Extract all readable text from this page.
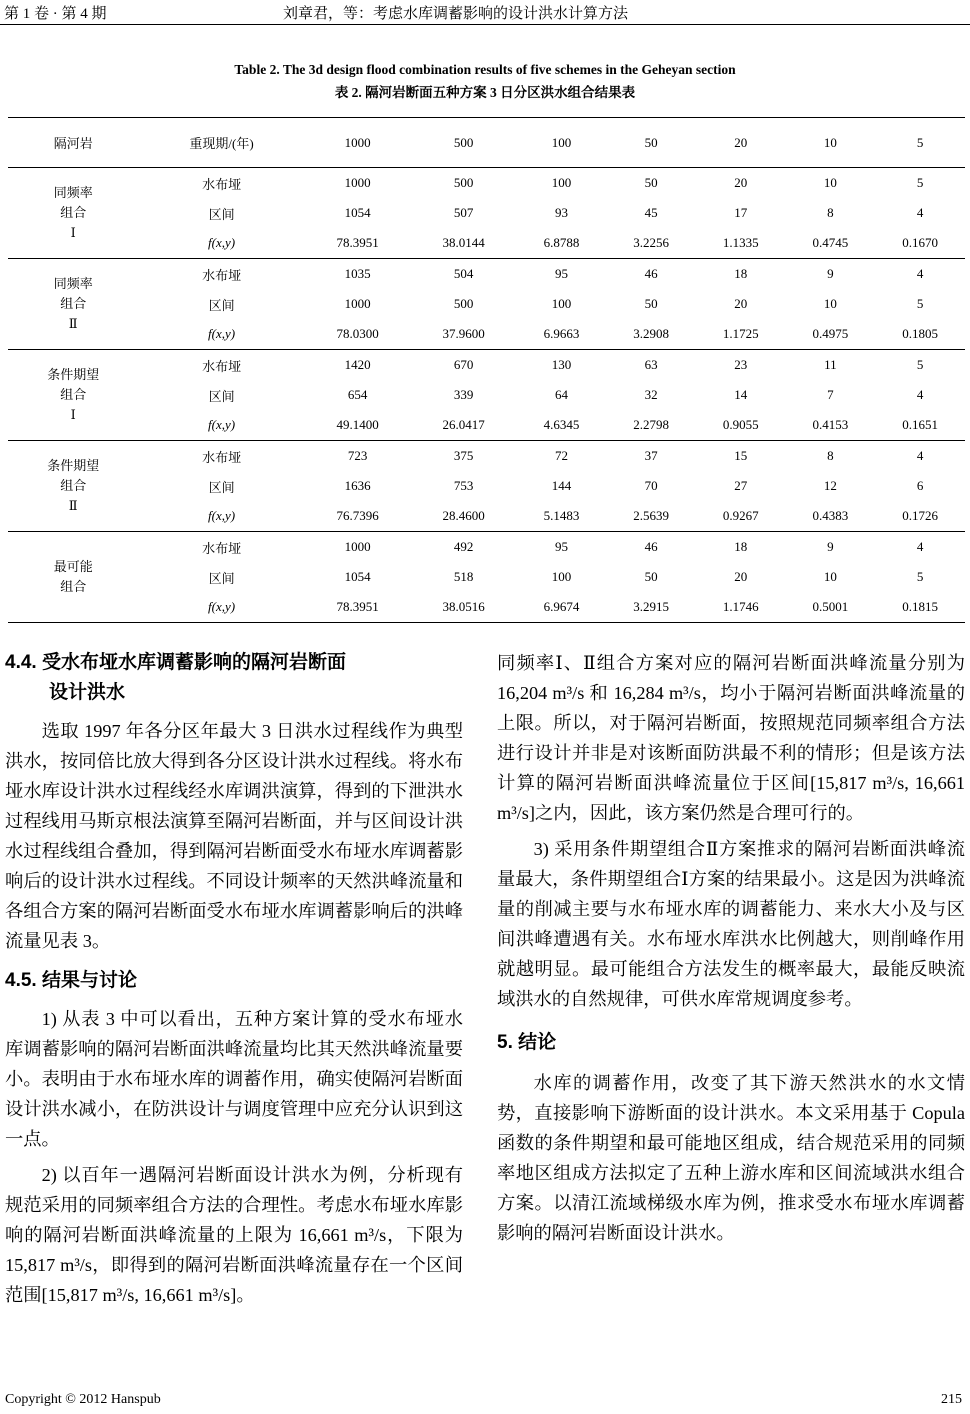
第 1 卷 · 第 4 期	刘章君，等：考虑水库调蓄影响的设计洪水计算方法
Table 2. The 3d design flood combination results of five schemes in the Geheyan section
表 2. 隔河岩断面五种方案 3 日分区洪水组合结果表
隔河岩	重现期/(年)	1000	500	100	50	20	10	5

同频率
组合
Ⅰ	水布垭	1000	500	100	50	20	10	5
	区间	1054	507	93	45	17	8	4
	f(x,y)	78.3951	38.0144	6.8788	3.2256	1.1335	0.4745	0.1670

同频率
组合
Ⅱ	水布垭	1035	504	95	46	18	9	4
	区间	1000	500	100	50	20	10	5
	f(x,y)	78.0300	37.9600	6.9663	3.2908	1.1725	0.4975	0.1805

条件期望
组合
Ⅰ	水布垭	1420	670	130	63	23	11	5
	区间	654	339	64	32	14	7	4
	f(x,y)	49.1400	26.0417	4.6345	2.2798	0.9055	0.4153	0.1651

条件期望
组合
Ⅱ	水布垭	723	375	72	37	15	8	4
	区间	1636	753	144	70	27	12	6
	f(x,y)	76.7396	28.4600	5.1483	2.5639	0.9267	0.4383	0.1726

最可能
组合	水布垭	1000	492	95	46	18	9	4
	区间	1054	518	100	50	20	10	5
	f(x,y)	78.3951	38.0516	6.9674	3.2915	1.1746	0.5001	0.1815
4.4. 受水布垭水库调蓄影响的隔河岩断面
设计洪水

选取 1997 年各分区年最大 3 日洪水过程线作为典型洪水，按同倍比放大得到各分区设计洪水过程线。将水布垭水库设计洪水过程线经水库调洪演算，得到的下泄洪水过程线用马斯京根法演算至隔河岩断面，并与区间设计洪水过程线组合叠加，得到隔河岩断面受水布垭水库调蓄影响后的设计洪水过程线。不同设计频率的天然洪峰流量和各组合方案的隔河岩断面受水布垭水库调蓄影响后的洪峰流量见表 3。

4.5. 结果与讨论

1) 从表 3 中可以看出，五种方案计算的受水布垭水库调蓄影响的隔河岩断面洪峰流量均比其天然洪峰流量要小。表明由于水布垭水库的调蓄作用，确实使隔河岩断面设计洪水减小，在防洪设计与调度管理中应充分认识到这一点。

2) 以百年一遇隔河岩断面设计洪水为例，分析现有规范采用的同频率组合方法的合理性。考虑水布垭水库影响的隔河岩断面洪峰流量的上限为 16,661 m³/s，下限为 15,817 m³/s，即得到的隔河岩断面洪峰流量存在一个区间范围[15,817 m³/s, 16,661 m³/s]。

同频率Ⅰ、Ⅱ组合方案对应的隔河岩断面洪峰流量分别为 16,204 m³/s 和 16,284 m³/s，均小于隔河岩断面洪峰流量的上限。所以，对于隔河岩断面，按照规范同频率组合方法进行设计并非是对该断面防洪最不利的情形；但是该方法计算的隔河岩断面洪峰流量位于区间[15,817 m³/s, 16,661 m³/s]之内，因此，该方案仍然是合理可行的。

3) 采用条件期望组合Ⅱ方案推求的隔河岩断面洪峰流量最大，条件期望组合Ⅰ方案的结果最小。这是因为洪峰流量的削减主要与水布垭水库的调蓄能力、来水大小及与区间洪峰遭遇有关。水布垭水库洪水比例越大，则削峰作用就越明显。最可能组合方法发生的概率最大，最能反映流域洪水的自然规律，可供水库常规调度参考。

5. 结论

水库的调蓄作用，改变了其下游天然洪水的水文情势，直接影响下游断面的设计洪水。本文采用基于 Copula 函数的条件期望和最可能地区组成，结合规范采用的同频率地区组成方法拟定了五种上游水库和区间流域洪水组合方案。以清江流域梯级水库为例，推求受水布垭水库调蓄影响的隔河岩断面设计洪水。

Copyright © 2012 Hanspub	215
